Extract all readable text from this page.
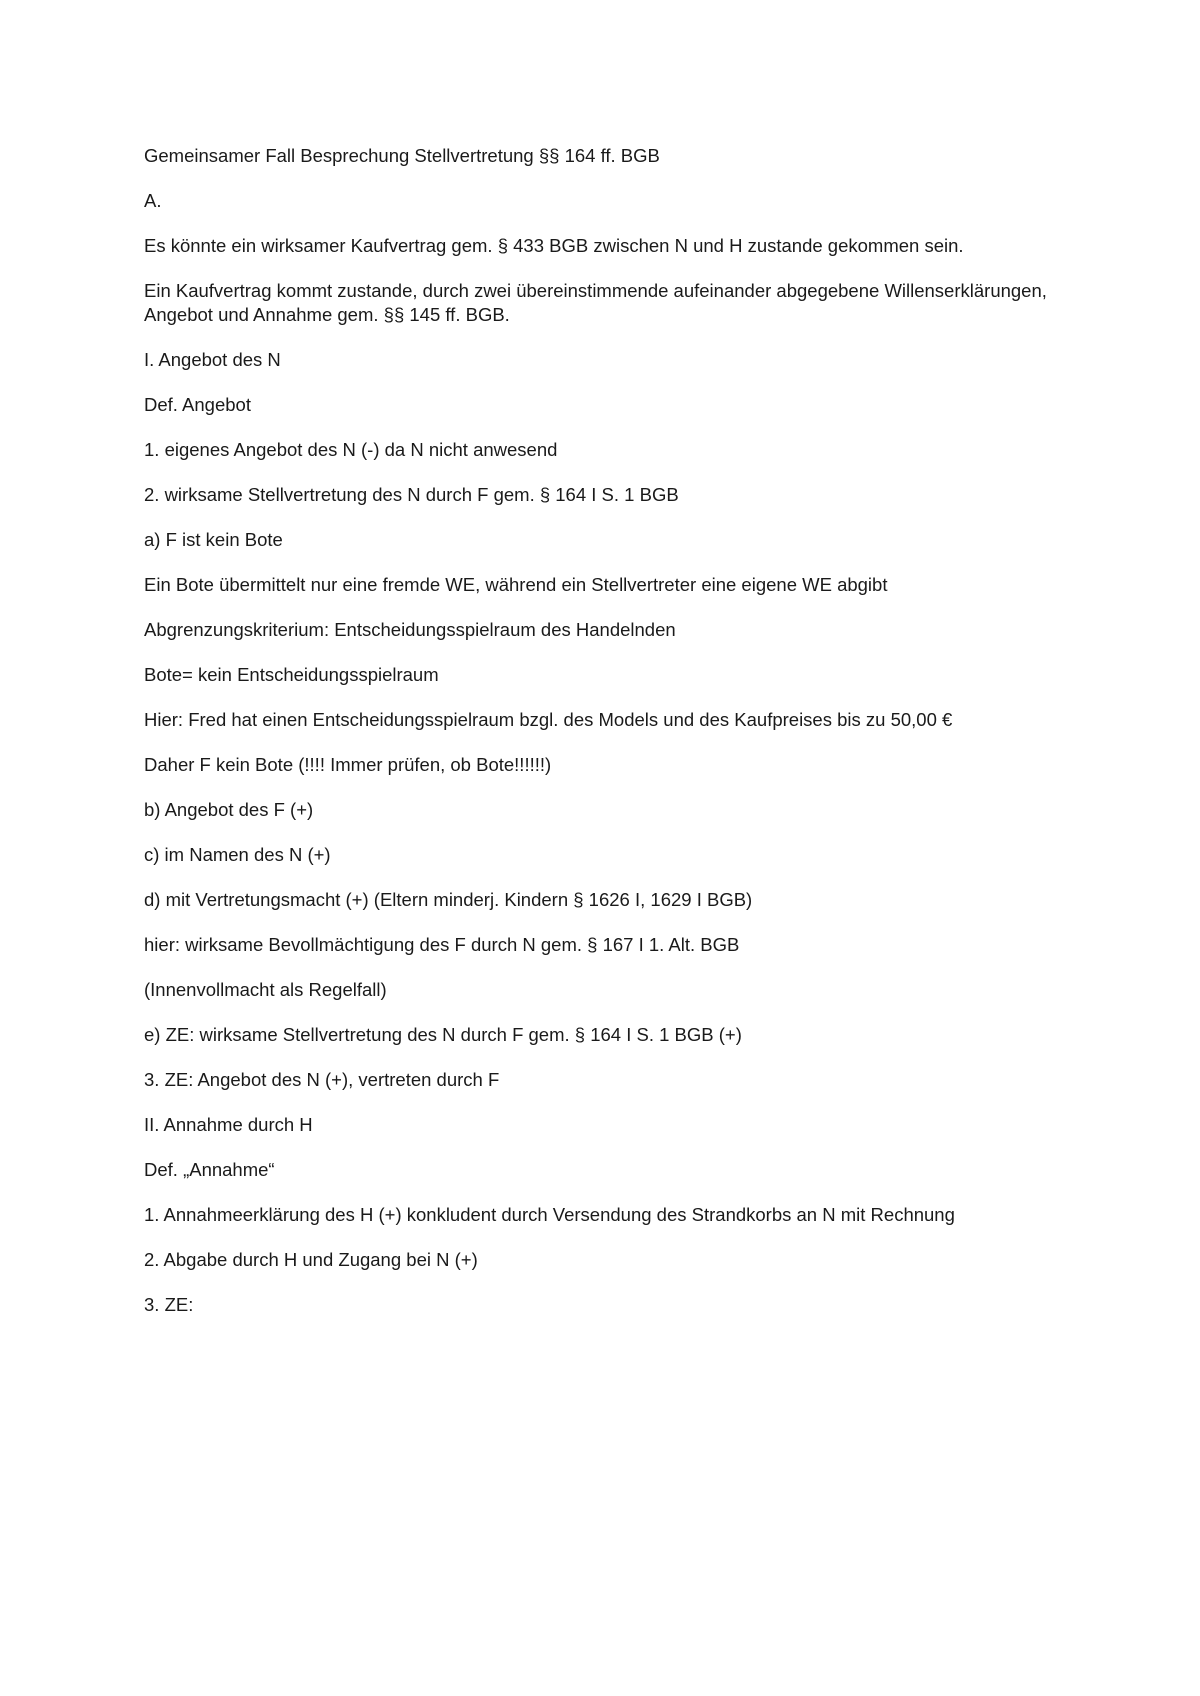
Gemeinsamer Fall Besprechung Stellvertretung §§ 164 ff. BGB

A.

Es könnte ein wirksamer Kaufvertrag gem. § 433 BGB zwischen N und H zustande gekommen sein.

Ein Kaufvertrag kommt zustande, durch zwei übereinstimmende aufeinander abgegebene Willenserklärungen, Angebot und Annahme gem. §§ 145 ff. BGB.

I. Angebot des N

Def. Angebot

1. eigenes Angebot des N (-) da N nicht anwesend

2. wirksame Stellvertretung des N durch F gem. § 164 I S. 1 BGB

a) F ist kein Bote

Ein Bote übermittelt nur eine fremde WE, während ein Stellvertreter eine eigene WE abgibt

Abgrenzungskriterium: Entscheidungsspielraum des Handelnden

Bote= kein Entscheidungsspielraum

Hier: Fred hat einen Entscheidungsspielraum bzgl. des Models und des Kaufpreises bis zu 50,00 €

Daher F kein Bote (!!!! Immer prüfen, ob Bote!!!!!!)

b) Angebot des F (+)

c) im Namen des N (+)

d) mit Vertretungsmacht (+) (Eltern minderj. Kindern § 1626 I, 1629 I BGB)

hier: wirksame Bevollmächtigung des F durch N gem. § 167 I 1. Alt. BGB

(Innenvollmacht als Regelfall)

e) ZE: wirksame Stellvertretung des N durch F gem. § 164 I S. 1 BGB (+)

3. ZE: Angebot des N (+), vertreten durch F

II. Annahme durch H

Def. „Annahme“

1. Annahmeerklärung des H (+) konkludent durch Versendung des Strandkorbs an N mit Rechnung

2. Abgabe durch H und Zugang bei N (+)

3. ZE:
